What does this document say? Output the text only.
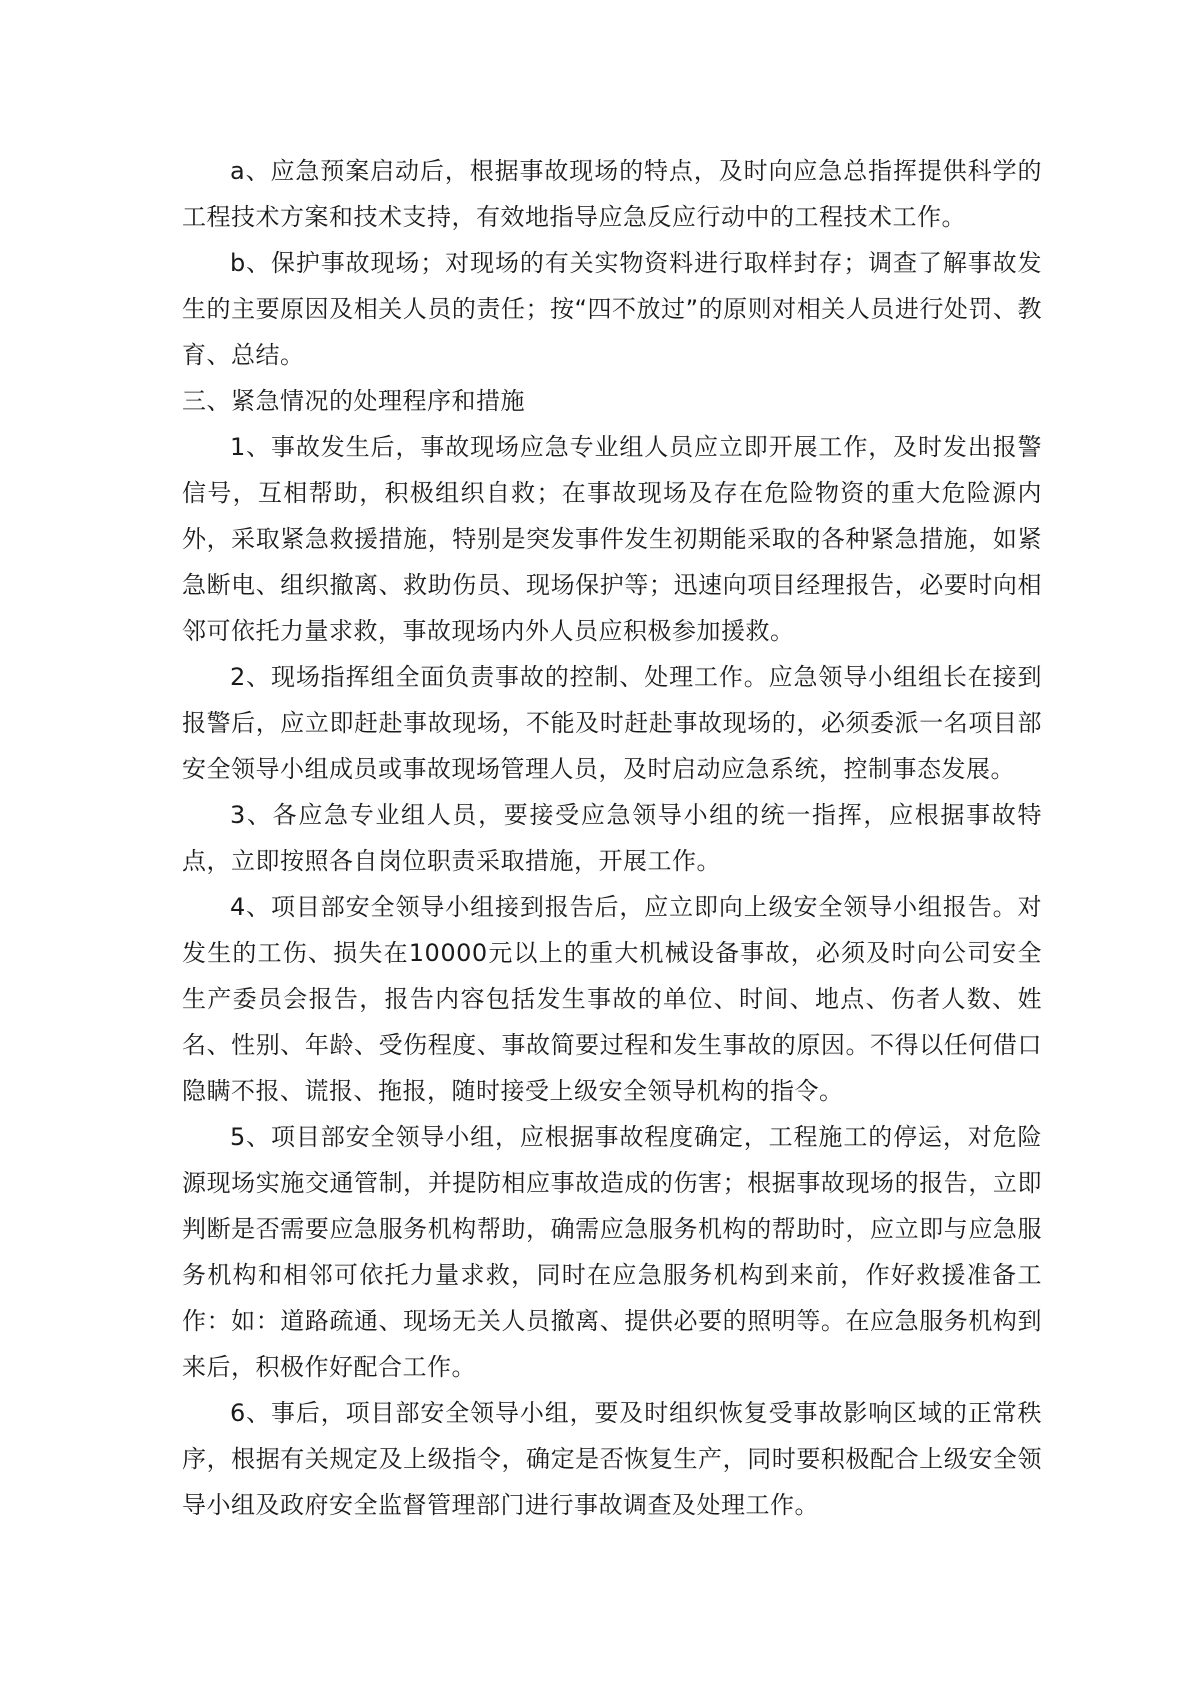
a、应急预案启动后，根据事故现场的特点，及时向应急总指挥提供科学的工程技术方案和技术支持，有效地指导应急反应行动中的工程技术工作。

b、保护事故现场；对现场的有关实物资料进行取样封存；调查了解事故发生的主要原因及相关人员的责任；按“四不放过”的原则对相关人员进行处罚、教育、总结。

三、紧急情况的处理程序和措施

1、事故发生后，事故现场应急专业组人员应立即开展工作，及时发出报警信号，互相帮助，积极组织自救；在事故现场及存在危险物资的重大危险源内外，采取紧急救援措施，特别是突发事件发生初期能采取的各种紧急措施，如紧急断电、组织撤离、救助伤员、现场保护等；迅速向项目经理报告，必要时向相邻可依托力量求救，事故现场内外人员应积极参加援救。

2、现场指挥组全面负责事故的控制、处理工作。应急领导小组组长在接到报警后，应立即赶赴事故现场，不能及时赶赴事故现场的，必须委派一名项目部安全领导小组成员或事故现场管理人员，及时启动应急系统，控制事态发展。

3、各应急专业组人员，要接受应急领导小组的统一指挥，应根据事故特点，立即按照各自岗位职责采取措施，开展工作。

4、项目部安全领导小组接到报告后，应立即向上级安全领导小组报告。对发生的工伤、损失在10000元以上的重大机械设备事故，必须及时向公司安全生产委员会报告，报告内容包括发生事故的单位、时间、地点、伤者人数、姓名、性别、年龄、受伤程度、事故简要过程和发生事故的原因。不得以任何借口隐瞒不报、谎报、拖报，随时接受上级安全领导机构的指令。

5、项目部安全领导小组，应根据事故程度确定，工程施工的停运，对危险源现场实施交通管制，并提防相应事故造成的伤害；根据事故现场的报告，立即判断是否需要应急服务机构帮助，确需应急服务机构的帮助时，应立即与应急服务机构和相邻可依托力量求救，同时在应急服务机构到来前，作好救援准备工作：如：道路疏通、现场无关人员撤离、提供必要的照明等。在应急服务机构到来后，积极作好配合工作。

6、事后，项目部安全领导小组，要及时组织恢复受事故影响区域的正常秩序，根据有关规定及上级指令，确定是否恢复生产，同时要积极配合上级安全领导小组及政府安全监督管理部门进行事故调查及处理工作。
